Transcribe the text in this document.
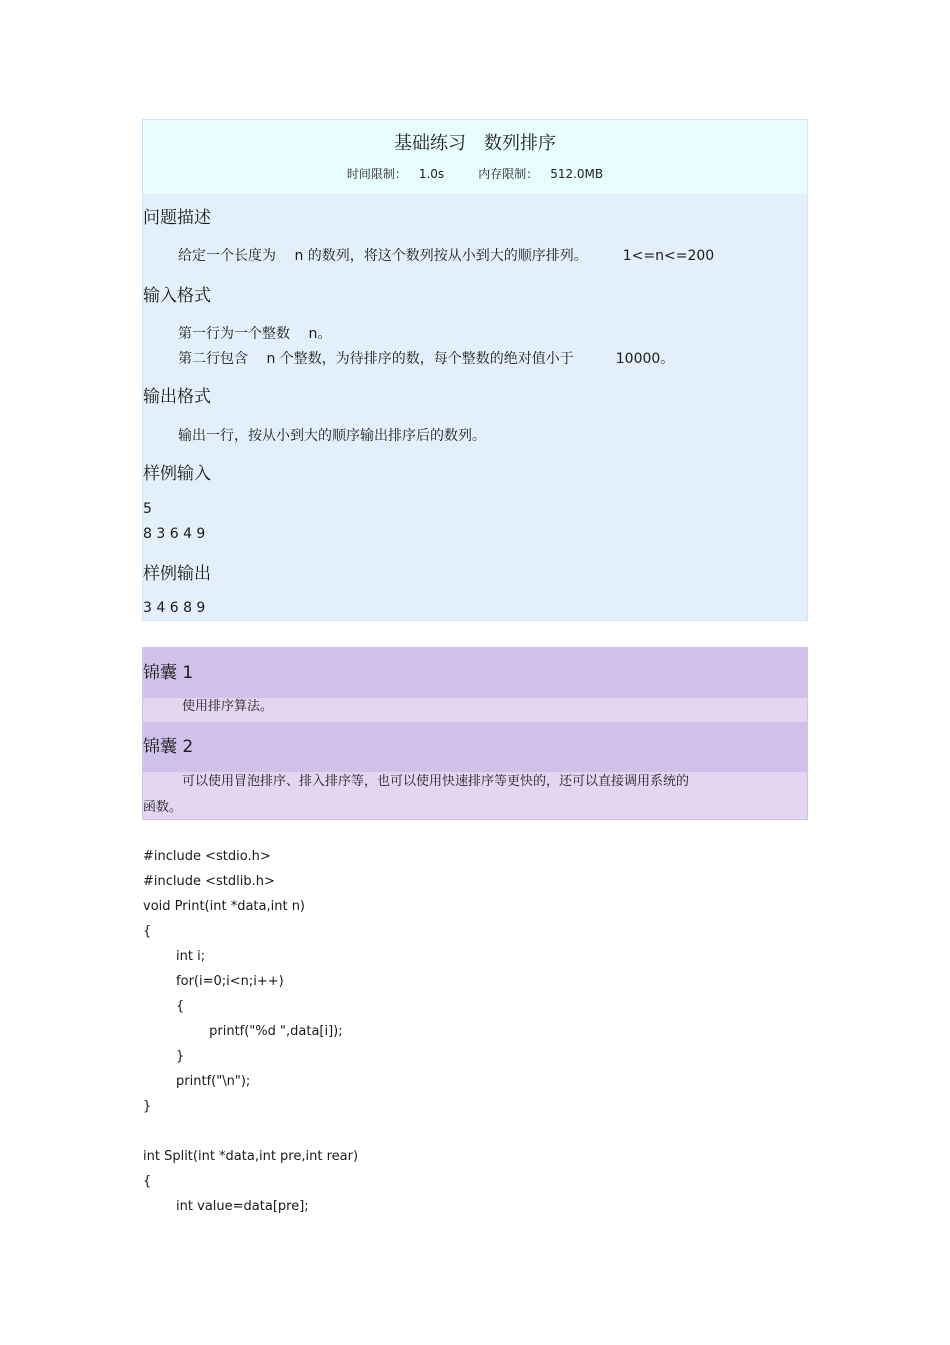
基础练习　数列排序
时间限制： 1.0s	内存限制： 512.0MB
问题描述
给定一个长度为　 n 的数列，将这个数列按从小到大的顺序排列。　　　1<=n<=200
输入格式
第一行为一个整数　 n。
第二行包含　 n 个整数，为待排序的数，每个整数的绝对值小于　　　10000。
输出格式
输出一行，按从小到大的顺序输出排序后的数列。
样例输入
5
8 3 6 4 9
样例输出
3 4 6 8 9
锦囊 1
使用排序算法。
锦囊 2
可以使用冒泡排序、排入排序等，也可以使用快速排序等更快的，还可以直接调用系统的
函数。
#include <stdio.h>
#include <stdlib.h>
void Print(int *data,int n)
{
int i;
for(i=0;i<n;i++)
{
printf("%d ",data[i]);
}
printf("\n");
}
int Split(int *data,int pre,int rear)
{
int value=data[pre];
